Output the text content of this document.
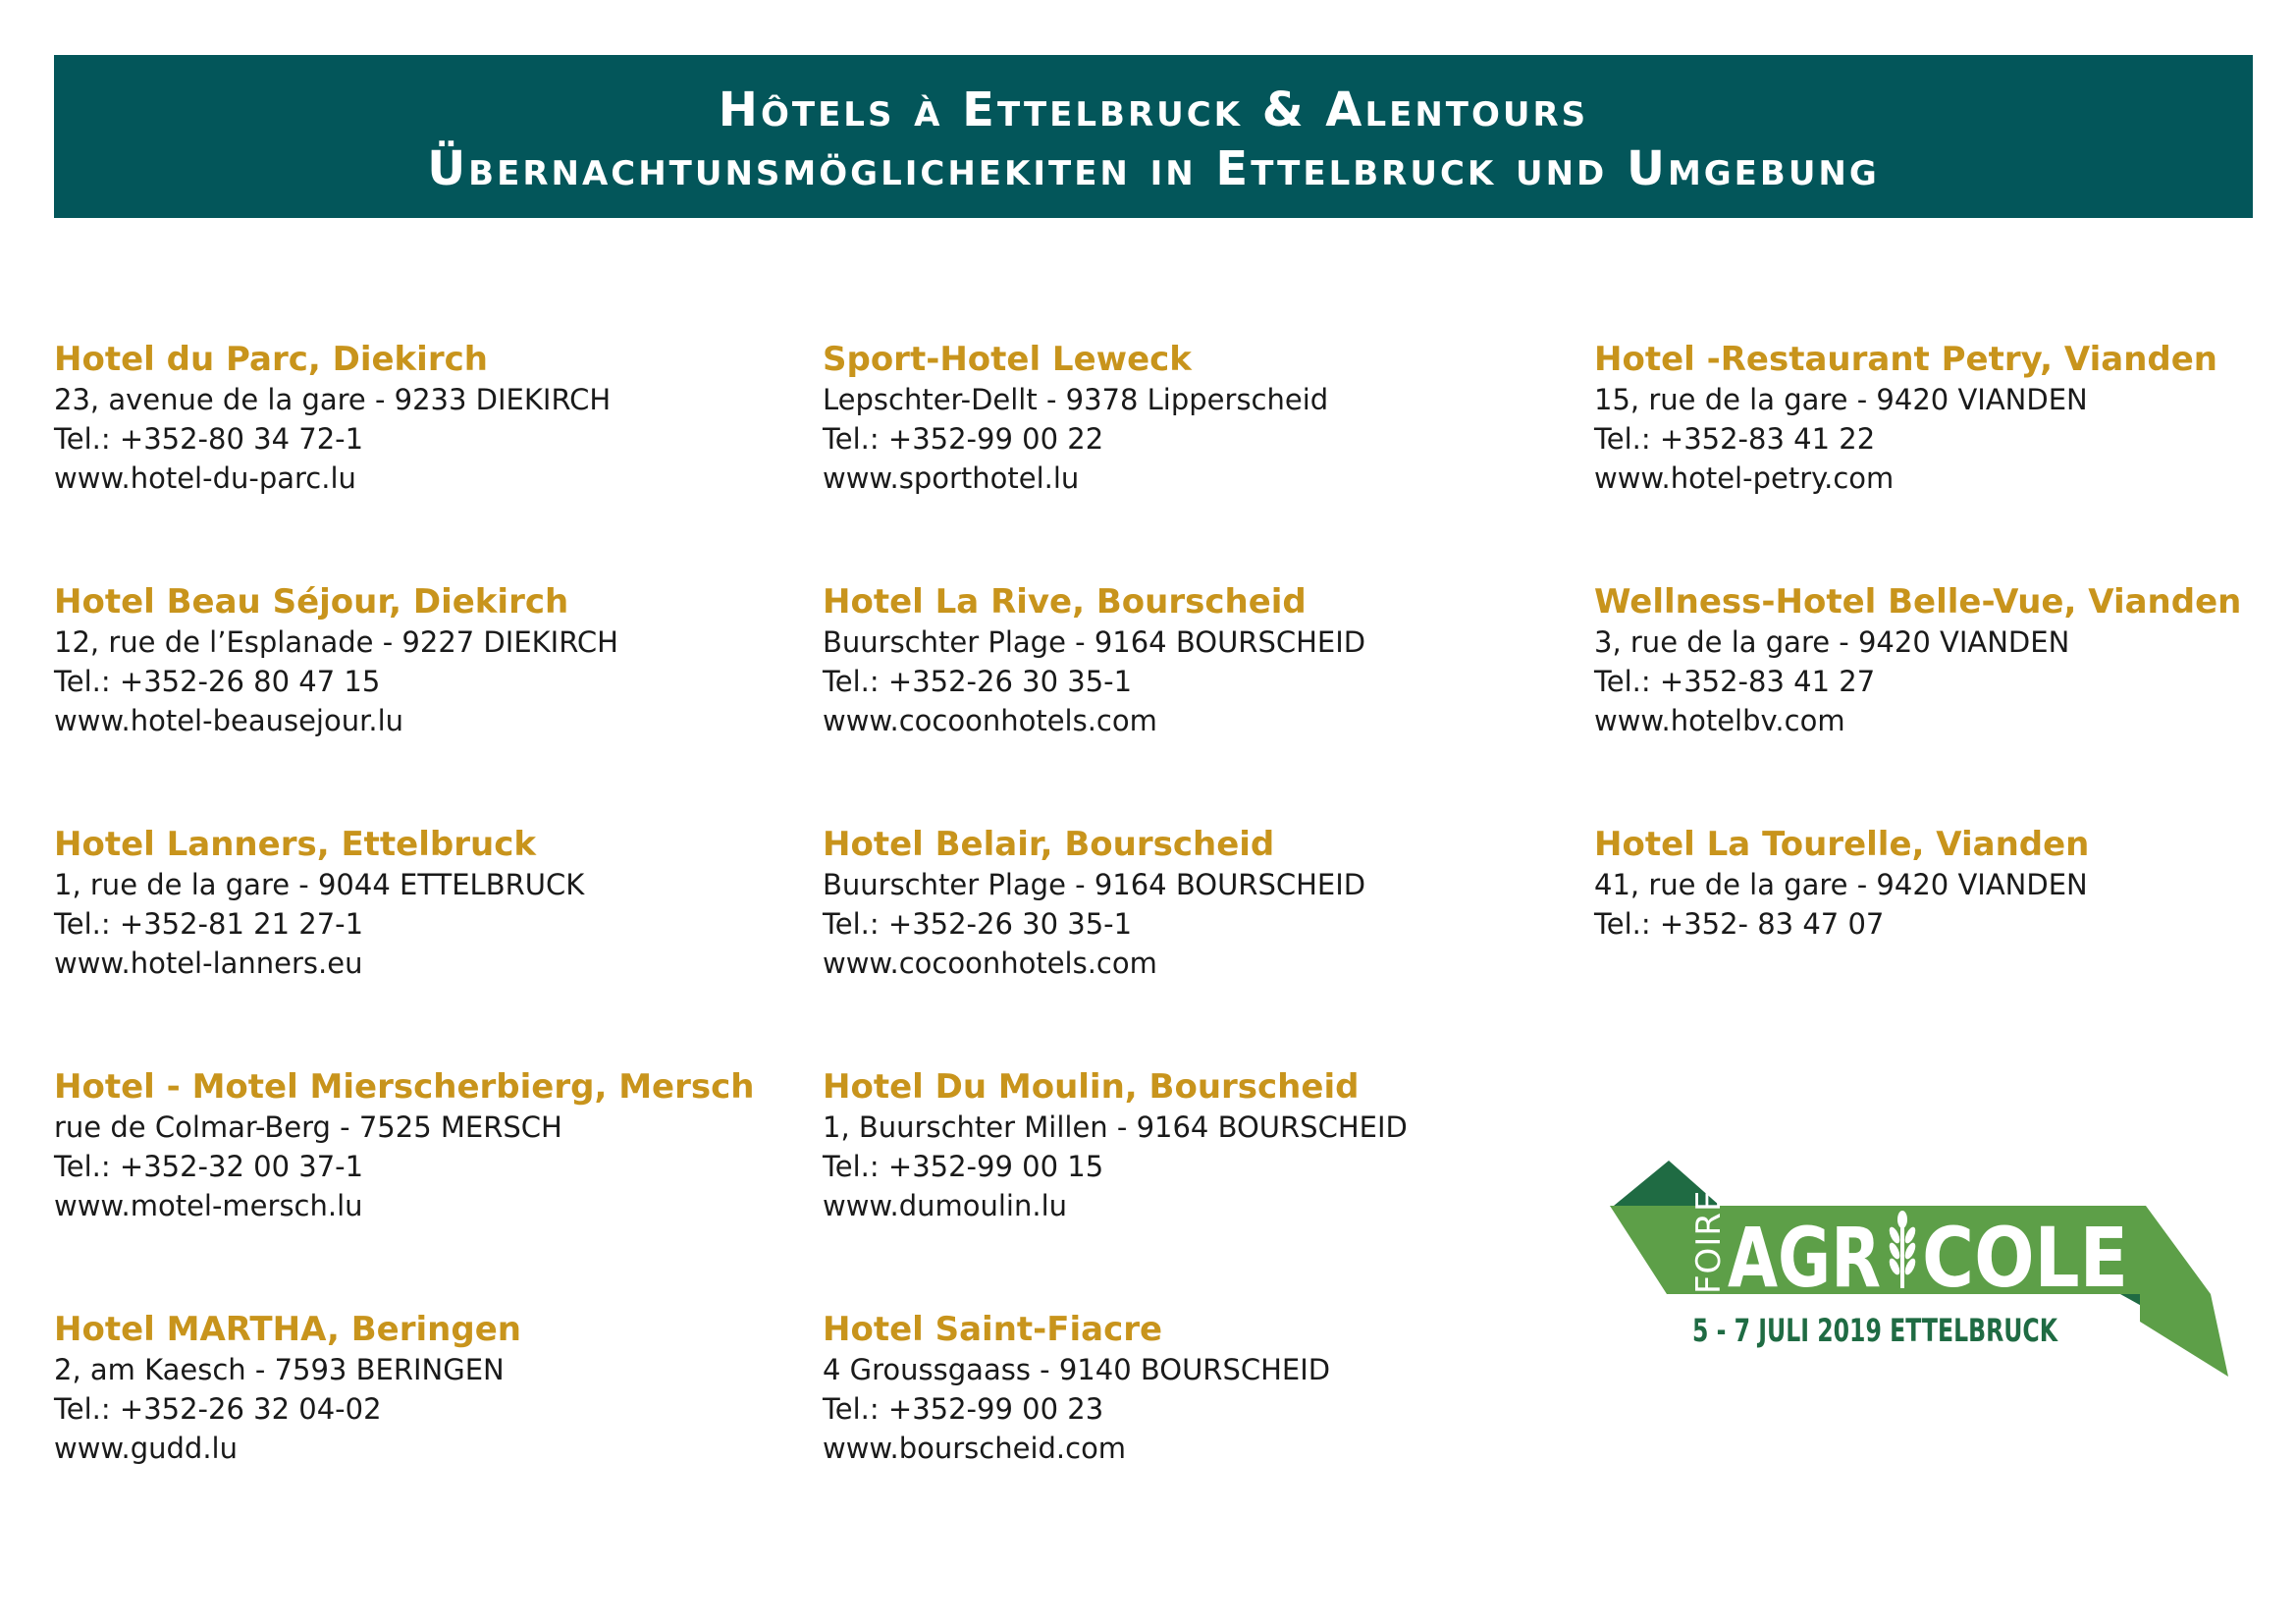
Hôtels à Ettelbruck & Alentours
Übernachtunsmöglichekiten in Ettelbruck und Umgebung
Hotel du Parc, Diekirch
23, avenue de la gare - 9233 DIEKIRCH
Tel.: +352-80 34 72-1
www.hotel-du-parc.lu
Hotel Beau Séjour, Diekirch
12, rue de l’Esplanade - 9227 DIEKIRCH
Tel.: +352-26 80 47 15
www.hotel-beausejour.lu
Hotel Lanners, Ettelbruck
1, rue de la gare - 9044 ETTELBRUCK
Tel.: +352-81 21 27-1
www.hotel-lanners.eu
Hotel - Motel Mierscherbierg, Mersch
rue de Colmar-Berg - 7525 MERSCH
Tel.: +352-32 00 37-1
www.motel-mersch.lu
Hotel MARTHA, Beringen
2, am Kaesch - 7593 BERINGEN
Tel.: +352-26 32 04-02
www.gudd.lu
Sport-Hotel Leweck
Lepschter-Dellt - 9378 Lipperscheid
Tel.: +352-99 00 22
www.sporthotel.lu
Hotel La Rive, Bourscheid
Buurschter Plage - 9164 BOURSCHEID
Tel.: +352-26 30 35-1
www.cocoonhotels.com
Hotel Belair, Bourscheid
Buurschter Plage - 9164 BOURSCHEID
Tel.: +352-26 30 35-1
www.cocoonhotels.com
Hotel Du Moulin, Bourscheid
1, Buurschter Millen - 9164 BOURSCHEID
Tel.: +352-99 00 15
www.dumoulin.lu
Hotel Saint-Fiacre
4 Groussgaass - 9140 BOURSCHEID
Tel.: +352-99 00 23
www.bourscheid.com
Hotel -Restaurant Petry, Vianden
15, rue de la gare - 9420 VIANDEN
Tel.: +352-83 41 22
www.hotel-petry.com
Wellness-Hotel Belle-Vue, Vianden
3, rue de la gare - 9420 VIANDEN
Tel.: +352-83 41 27
www.hotelbv.com
Hotel La Tourelle, Vianden
41, rue de la gare - 9420 VIANDEN
Tel.: +352- 83 47 07
FOIRE AGR COLE
5 - 7 JULI 2019 ETTELBRUCK
